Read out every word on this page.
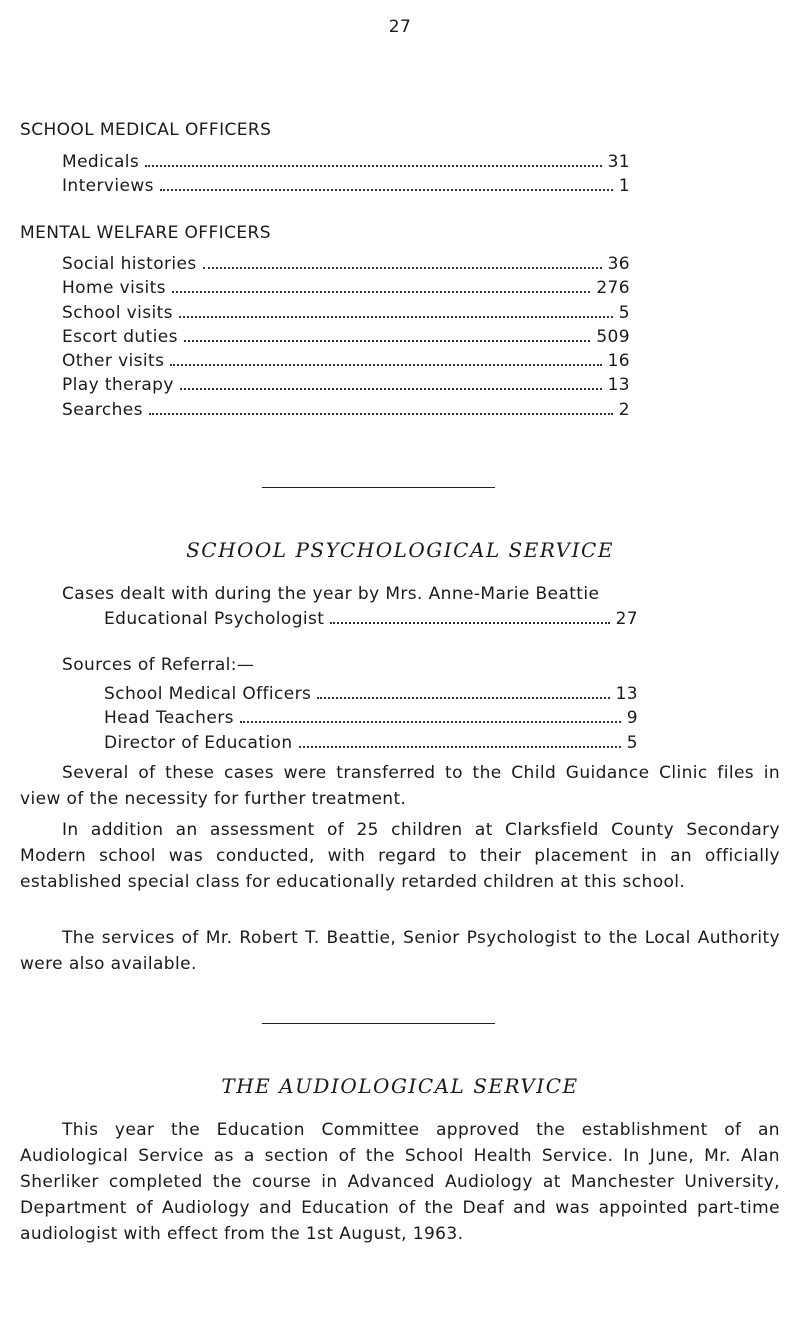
27
SCHOOL MEDICAL OFFICERS
Medicals	31
Interviews	1
MENTAL WELFARE OFFICERS
Social histories	36
Home visits	276
School visits	5
Escort duties	509
Other visits	16
Play therapy	13
Searches	2
SCHOOL PSYCHOLOGICAL SERVICE

Cases dealt with during the year by Mrs. Anne-Marie Beattie

Educational Psychologist	27

Sources of Referral:—

School Medical Officers	13
Head Teachers	9
Director of Education	5

Several of these cases were transferred to the Child Guidance Clinic files in view of the necessity for further treatment.

In addition an assessment of 25 children at Clarksfield County Secondary Modern school was conducted, with regard to their placement in an officially established special class for educationally retarded children at this school.

The services of Mr. Robert T. Beattie, Senior Psychologist to the Local Authority were also available.

THE AUDIOLOGICAL SERVICE

This year the Education Committee approved the establishment of an Audiological Service as a section of the School Health Service. In June, Mr. Alan Sherliker completed the course in Advanced Audiology at Manchester University, Department of Audiology and Education of the Deaf and was appointed part-time audiologist with effect from the 1st August, 1963.
